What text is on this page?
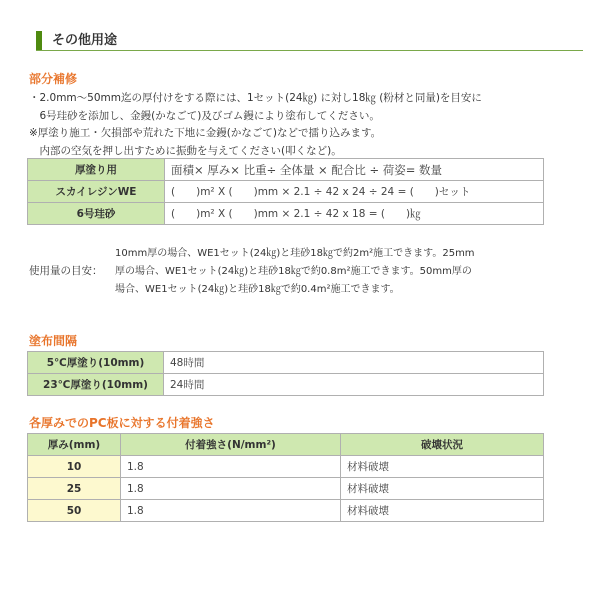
その他用途
部分補修
・2.0mm～50mm迄の厚付けをする際には、1セット(24㎏) に対し18㎏ (粉材と同量)を目安に
　6号珪砂を添加し、金鏝(かなごて)及びゴム鏝により塗布してください。
※厚塗り施工・欠損部や荒れた下地に金鏝(かなごて)などで擂り込みます。
　内部の空気を押し出すために振動を与えてください(叩くなど)。
厚塗り用	面積× 厚み× 比重÷ 全体量 × 配合比 ÷ 荷姿= 数量
スカイレジンWE	(　　)m² X (　　)mm × 2.1 ÷ 42 x 24 ÷ 24 = (　　)セット
6号珪砂	(　　)m² X (　　)mm × 2.1 ÷ 42 x 18 = (　　)㎏
使用量の目安：
10mm厚の場合、WE1セット(24㎏)と珪砂18㎏で約2m²施工できます。25mm厚の場合、WE1セット(24㎏)と珪砂18㎏で約0.8m²施工できます。50mm厚の場合、WE1セット(24㎏)と珪砂18㎏で約0.4m²施工できます。
塗布間隔
5℃厚塗り(10mm)	48時間
23℃厚塗り(10mm)	24時間
各厚みでのPC板に対する付着強さ
厚み(mm)	付着強さ(N/mm²)	破壊状況
10	1.8	材料破壊
25	1.8	材料破壊
50	1.8	材料破壊
